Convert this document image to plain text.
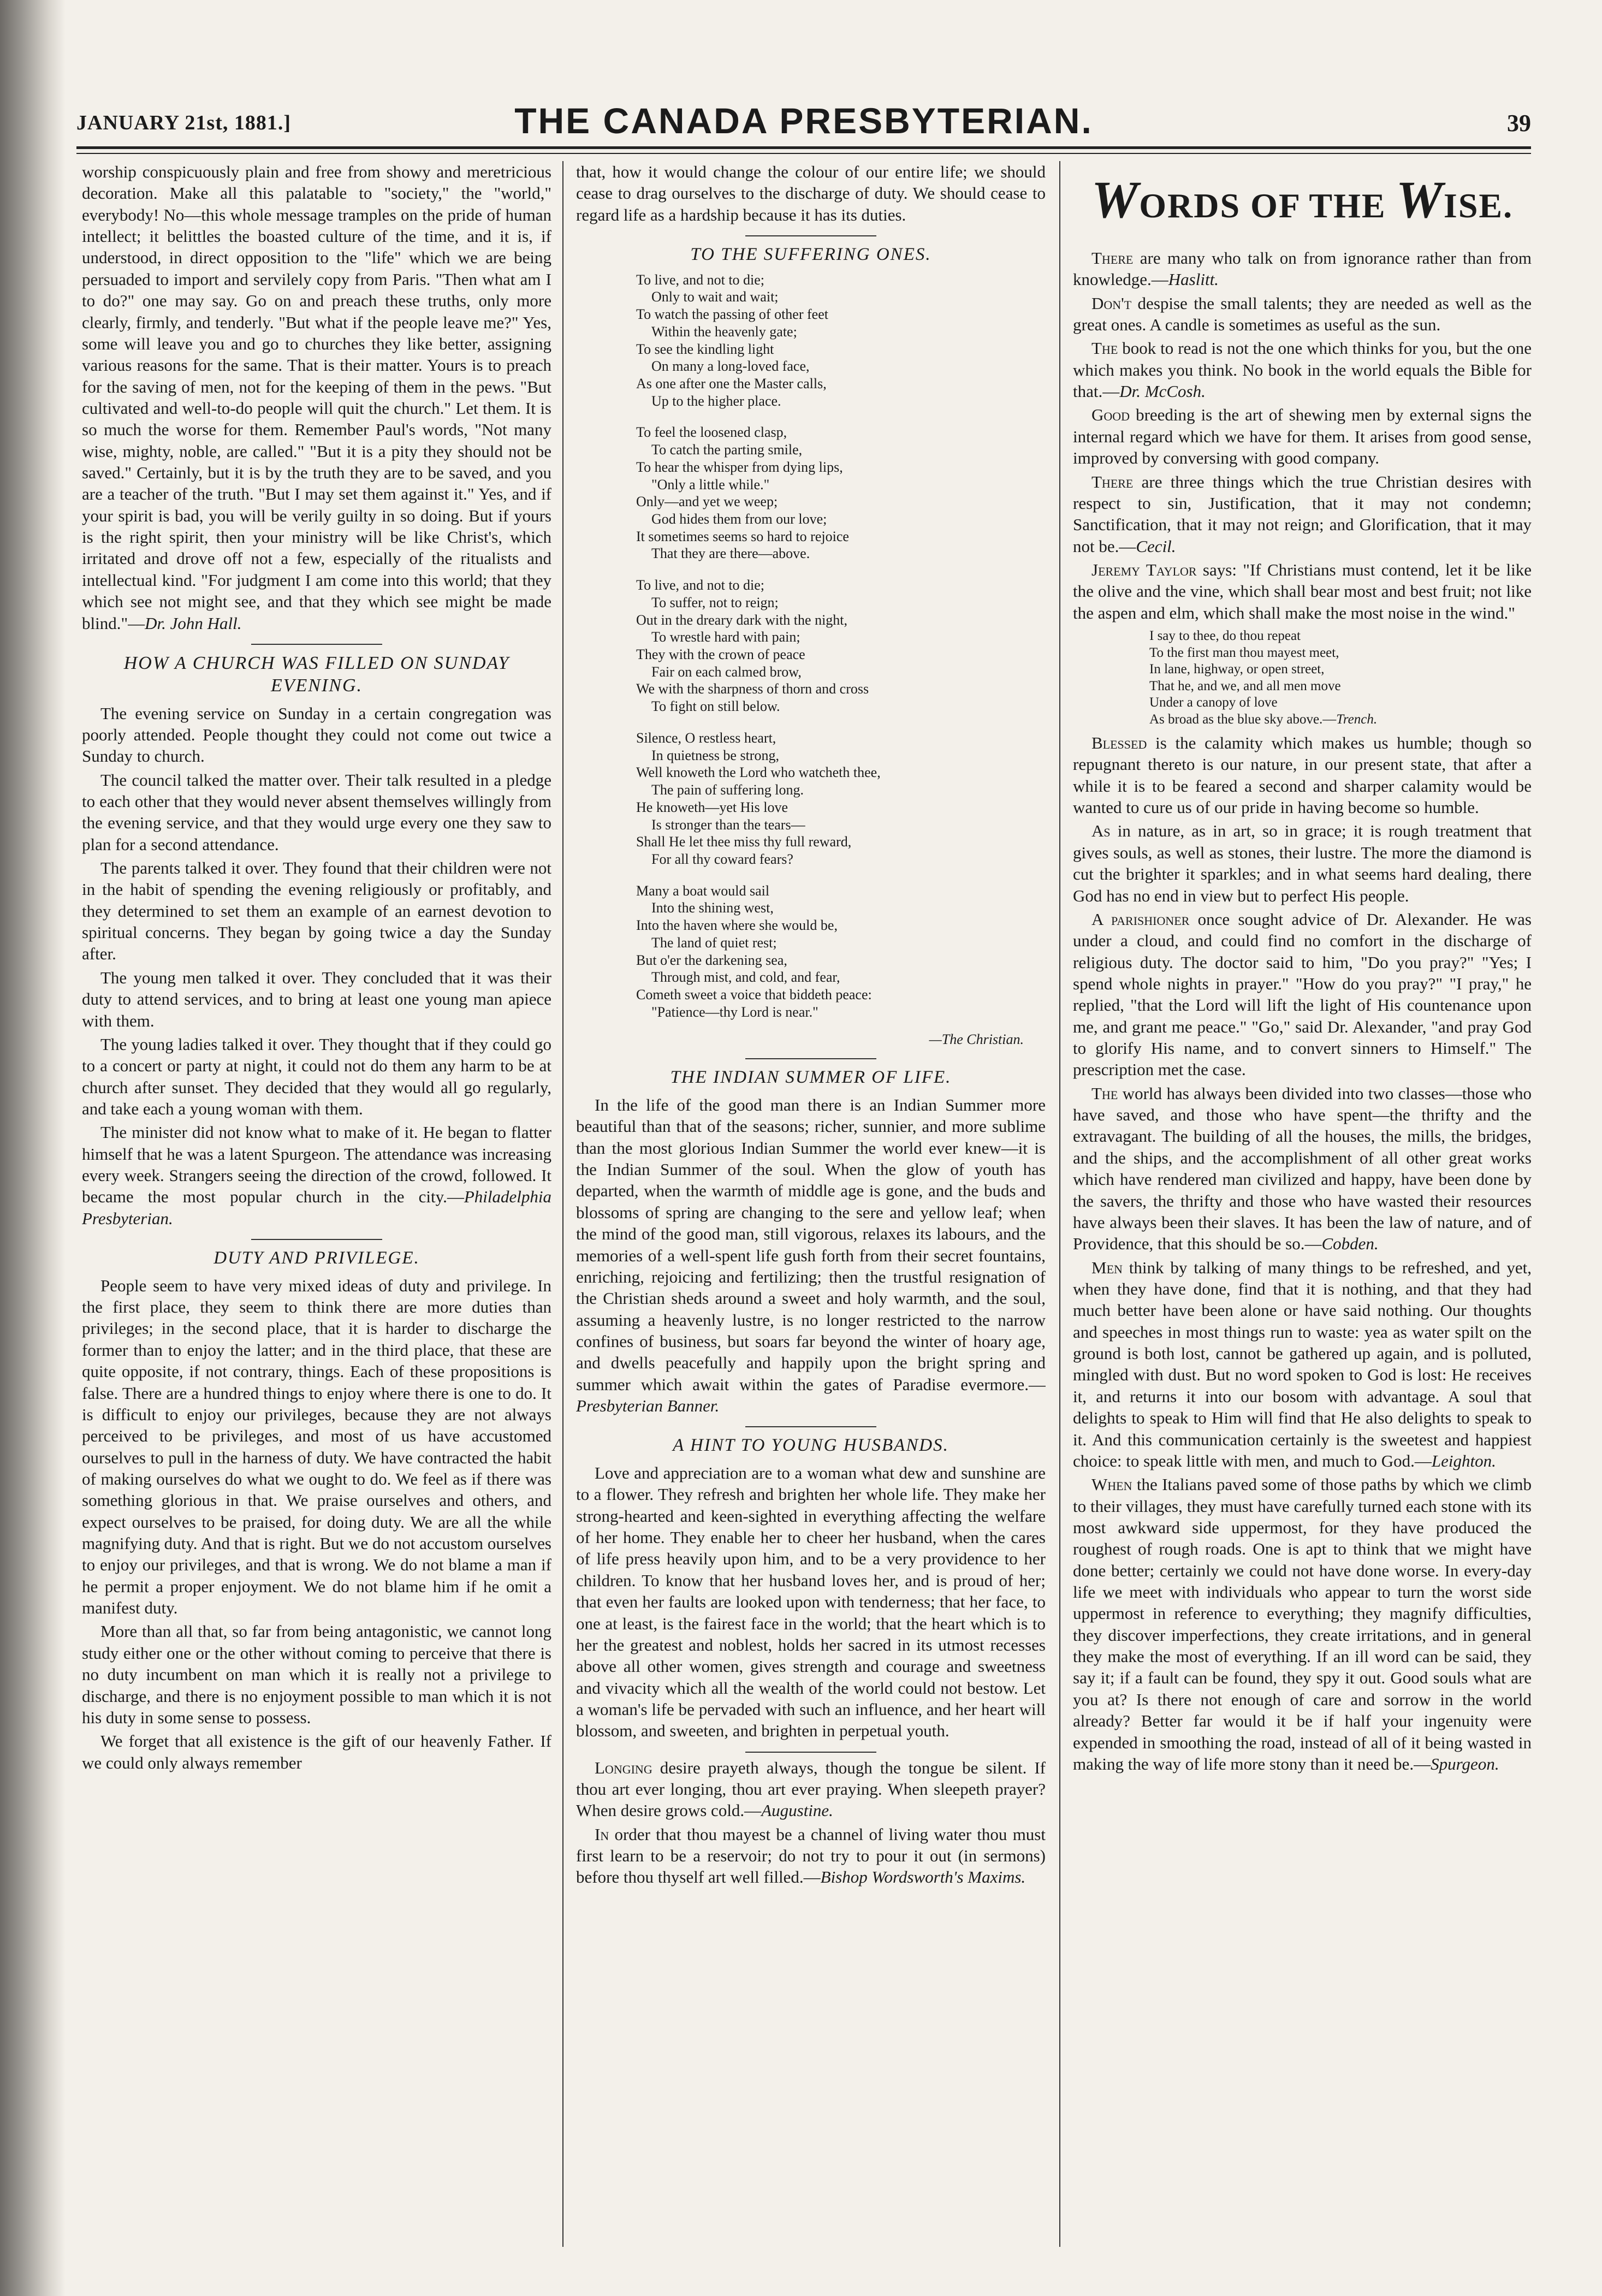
JANUARY 21st, 1881.]	THE CANADA PRESBYTERIAN.	39

worship conspicuously plain and free from showy and meretricious decoration. Make all this palatable to "society," the "world," everybody! No—this whole message tramples on the pride of human intellect; it belittles the boasted culture of the time, and it is, if understood, in direct opposition to the "life" which we are being persuaded to import and servilely copy from Paris. "Then what am I to do?" one may say. Go on and preach these truths, only more clearly, firmly, and tenderly. "But what if the people leave me?" Yes, some will leave you and go to churches they like better, assigning various reasons for the same. That is their matter. Yours is to preach for the saving of men, not for the keeping of them in the pews. "But cultivated and well-to-do people will quit the church." Let them. It is so much the worse for them. Remember Paul's words, "Not many wise, mighty, noble, are called." "But it is a pity they should not be saved." Certainly, but it is by the truth they are to be saved, and you are a teacher of the truth. "But I may set them against it." Yes, and if your spirit is bad, you will be verily guilty in so doing. But if yours is the right spirit, then your ministry will be like Christ's, which irritated and drove off not a few, especially of the ritualists and intellectual kind. "For judgment I am come into this world; that they which see not might see, and that they which see might be made blind."—Dr. John Hall.

HOW A CHURCH WAS FILLED ON SUNDAY EVENING.

The evening service on Sunday in a certain congregation was poorly attended. People thought they could not come out twice a Sunday to church.

The council talked the matter over. Their talk resulted in a pledge to each other that they would never absent themselves willingly from the evening service, and that they would urge every one they saw to plan for a second attendance.

The parents talked it over. They found that their children were not in the habit of spending the evening religiously or profitably, and they determined to set them an example of an earnest devotion to spiritual concerns. They began by going twice a day the Sunday after.

The young men talked it over. They concluded that it was their duty to attend services, and to bring at least one young man apiece with them.

The young ladies talked it over. They thought that if they could go to a concert or party at night, it could not do them any harm to be at church after sunset. They decided that they would all go regularly, and take each a young woman with them.

The minister did not know what to make of it. He began to flatter himself that he was a latent Spurgeon. The attendance was increasing every week. Strangers seeing the direction of the crowd, followed. It became the most popular church in the city.—Philadelphia Presbyterian.

DUTY AND PRIVILEGE.

People seem to have very mixed ideas of duty and privilege. In the first place, they seem to think there are more duties than privileges; in the second place, that it is harder to discharge the former than to enjoy the latter; and in the third place, that these are quite opposite, if not contrary, things. Each of these propositions is false. There are a hundred things to enjoy where there is one to do. It is difficult to enjoy our privileges, because they are not always perceived to be privileges, and most of us have accustomed ourselves to pull in the harness of duty. We have contracted the habit of making ourselves do what we ought to do. We feel as if there was something glorious in that. We praise ourselves and others, and expect ourselves to be praised, for doing duty. We are all the while magnifying duty. And that is right. But we do not accustom ourselves to enjoy our privileges, and that is wrong. We do not blame a man if he permit a proper enjoyment. We do not blame him if he omit a manifest duty.

More than all that, so far from being antagonistic, we cannot long study either one or the other without coming to perceive that there is no duty incumbent on man which it is really not a privilege to discharge, and there is no enjoyment possible to man which it is not his duty in some sense to possess.

We forget that all existence is the gift of our heavenly Father. If we could only always remember

that, how it would change the colour of our entire life; we should cease to drag ourselves to the discharge of duty. We should cease to regard life as a hardship because it has its duties.

TO THE SUFFERING ONES.
To live, and not to die;
Only to wait and wait;
To watch the passing of other feet
Within the heavenly gate;
To see the kindling light
On many a long-loved face,
As one after one the Master calls,
Up to the higher place.
To feel the loosened clasp,
To catch the parting smile,
To hear the whisper from dying lips,
"Only a little while."
Only—and yet we weep;
God hides them from our love;
It sometimes seems so hard to rejoice
That they are there—above.
To live, and not to die;
To suffer, not to reign;
Out in the dreary dark with the night,
To wrestle hard with pain;
They with the crown of peace
Fair on each calmed brow,
We with the sharpness of thorn and cross
To fight on still below.
Silence, O restless heart,
In quietness be strong,
Well knoweth the Lord who watcheth thee,
The pain of suffering long.
He knoweth—yet His love
Is stronger than the tears—
Shall He let thee miss thy full reward,
For all thy coward fears?
Many a boat would sail
Into the shining west,
Into the haven where she would be,
The land of quiet rest;
But o'er the darkening sea,
Through mist, and cold, and fear,
Cometh sweet a voice that biddeth peace:
"Patience—thy Lord is near."
—The Christian.
THE INDIAN SUMMER OF LIFE.

In the life of the good man there is an Indian Summer more beautiful than that of the seasons; richer, sunnier, and more sublime than the most glorious Indian Summer the world ever knew—it is the Indian Summer of the soul. When the glow of youth has departed, when the warmth of middle age is gone, and the buds and blossoms of spring are changing to the sere and yellow leaf; when the mind of the good man, still vigorous, relaxes its labours, and the memories of a well-spent life gush forth from their secret fountains, enriching, rejoicing and fertilizing; then the trustful resignation of the Christian sheds around a sweet and holy warmth, and the soul, assuming a heavenly lustre, is no longer restricted to the narrow confines of business, but soars far beyond the winter of hoary age, and dwells peacefully and happily upon the bright spring and summer which await within the gates of Paradise evermore.—Presbyterian Banner.

A HINT TO YOUNG HUSBANDS.

Love and appreciation are to a woman what dew and sunshine are to a flower. They refresh and brighten her whole life. They make her strong-hearted and keen-sighted in everything affecting the welfare of her home. They enable her to cheer her husband, when the cares of life press heavily upon him, and to be a very providence to her children. To know that her husband loves her, and is proud of her; that even her faults are looked upon with tenderness; that her face, to one at least, is the fairest face in the world; that the heart which is to her the greatest and noblest, holds her sacred in its utmost recesses above all other women, gives strength and courage and sweetness and vivacity which all the wealth of the world could not bestow. Let a woman's life be pervaded with such an influence, and her heart will blossom, and sweeten, and brighten in perpetual youth.

Longing desire prayeth always, though the tongue be silent. If thou art ever longing, thou art ever praying. When sleepeth prayer? When desire grows cold.—Augustine.

In order that thou mayest be a channel of living water thou must first learn to be a reservoir; do not try to pour it out (in sermons) before thou thyself art well filled.—Bishop Wordsworth's Maxims.

WORDS OF THE WISE.

There are many who talk on from ignorance rather than from knowledge.—Haslitt.

Don't despise the small talents; they are needed as well as the great ones. A candle is sometimes as useful as the sun.

The book to read is not the one which thinks for you, but the one which makes you think. No book in the world equals the Bible for that.—Dr. McCosh.

Good breeding is the art of shewing men by external signs the internal regard which we have for them. It arises from good sense, improved by conversing with good company.

There are three things which the true Christian desires with respect to sin, Justification, that it may not condemn; Sanctification, that it may not reign; and Glorification, that it may not be.—Cecil.

Jeremy Taylor says: "If Christians must contend, let it be like the olive and the vine, which shall bear most and best fruit; not like the aspen and elm, which shall make the most noise in the wind."

I say to thee, do thou repeat
To the first man thou mayest meet,
In lane, highway, or open street,
That he, and we, and all men move
Under a canopy of love
As broad as the blue sky above.—Trench.

Blessed is the calamity which makes us humble; though so repugnant thereto is our nature, in our present state, that after a while it is to be feared a second and sharper calamity would be wanted to cure us of our pride in having become so humble.

As in nature, as in art, so in grace; it is rough treatment that gives souls, as well as stones, their lustre. The more the diamond is cut the brighter it sparkles; and in what seems hard dealing, there God has no end in view but to perfect His people.

A parishioner once sought advice of Dr. Alexander. He was under a cloud, and could find no comfort in the discharge of religious duty. The doctor said to him, "Do you pray?" "Yes; I spend whole nights in prayer." "How do you pray?" "I pray," he replied, "that the Lord will lift the light of His countenance upon me, and grant me peace." "Go," said Dr. Alexander, "and pray God to glorify His name, and to convert sinners to Himself." The prescription met the case.

The world has always been divided into two classes—those who have saved, and those who have spent—the thrifty and the extravagant. The building of all the houses, the mills, the bridges, and the ships, and the accomplishment of all other great works which have rendered man civilized and happy, have been done by the savers, the thrifty and those who have wasted their resources have always been their slaves. It has been the law of nature, and of Providence, that this should be so.—Cobden.

Men think by talking of many things to be refreshed, and yet, when they have done, find that it is nothing, and that they had much better have been alone or have said nothing. Our thoughts and speeches in most things run to waste: yea as water spilt on the ground is both lost, cannot be gathered up again, and is polluted, mingled with dust. But no word spoken to God is lost: He receives it, and returns it into our bosom with advantage. A soul that delights to speak to Him will find that He also delights to speak to it. And this communication certainly is the sweetest and happiest choice: to speak little with men, and much to God.—Leighton.

When the Italians paved some of those paths by which we climb to their villages, they must have carefully turned each stone with its most awkward side uppermost, for they have produced the roughest of rough roads. One is apt to think that we might have done better; certainly we could not have done worse. In every-day life we meet with individuals who appear to turn the worst side uppermost in reference to everything; they magnify difficulties, they discover imperfections, they create irritations, and in general they make the most of everything. If an ill word can be said, they say it; if a fault can be found, they spy it out. Good souls what are you at? Is there not enough of care and sorrow in the world already? Better far would it be if half your ingenuity were expended in smoothing the road, instead of all of it being wasted in making the way of life more stony than it need be.—Spurgeon.
